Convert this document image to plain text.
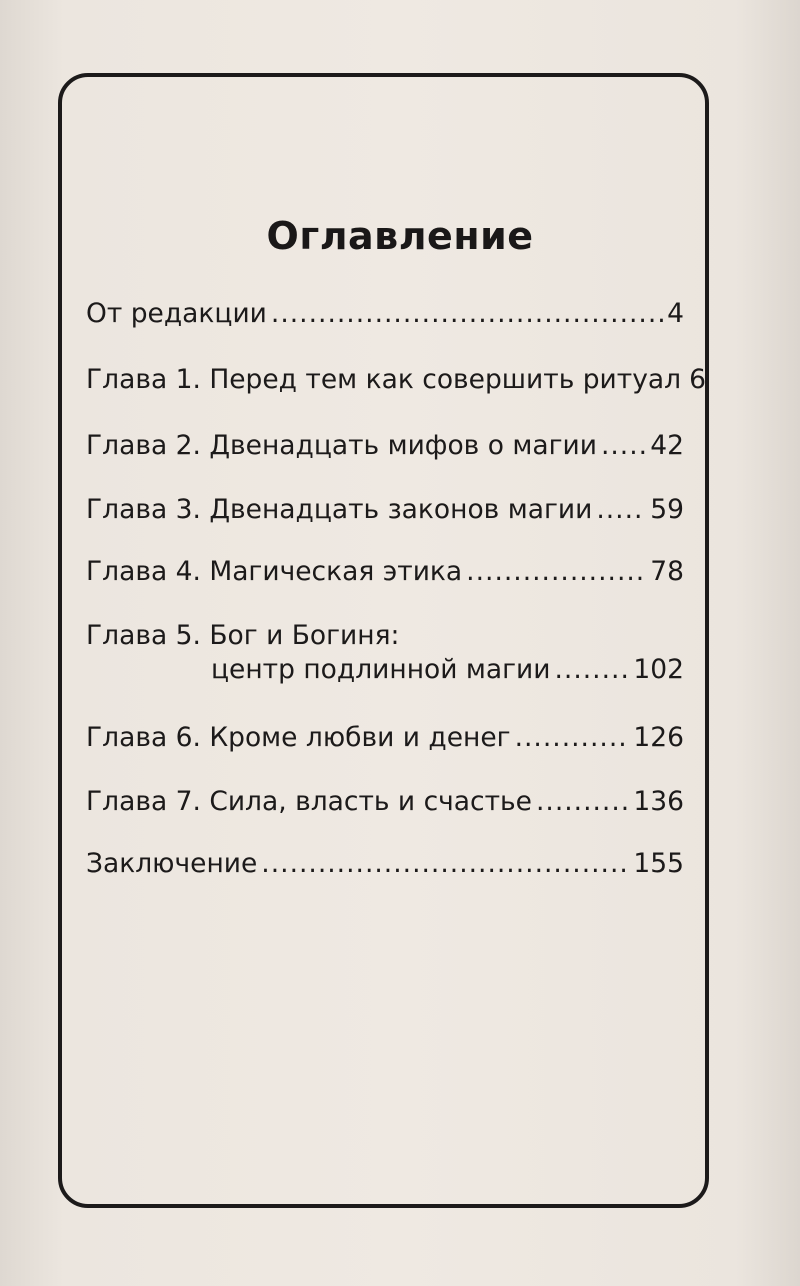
Оглавление
От редакции .....	4
Глава 1. Перед тем как совершить ритуал 6
Глава 2. Двенадцать мифов о магии ..... 42
Глава 3. Двенадцать законов магии ..... 59
Глава 4. Магическая этика .....	78
Глава 5. Бог и Богиня:
центр подлинной магии .....	102
Глава 6. Кроме любви и денег .....	126
Глава 7. Сила, власть и счастье .....	136
Заключение .....	155
